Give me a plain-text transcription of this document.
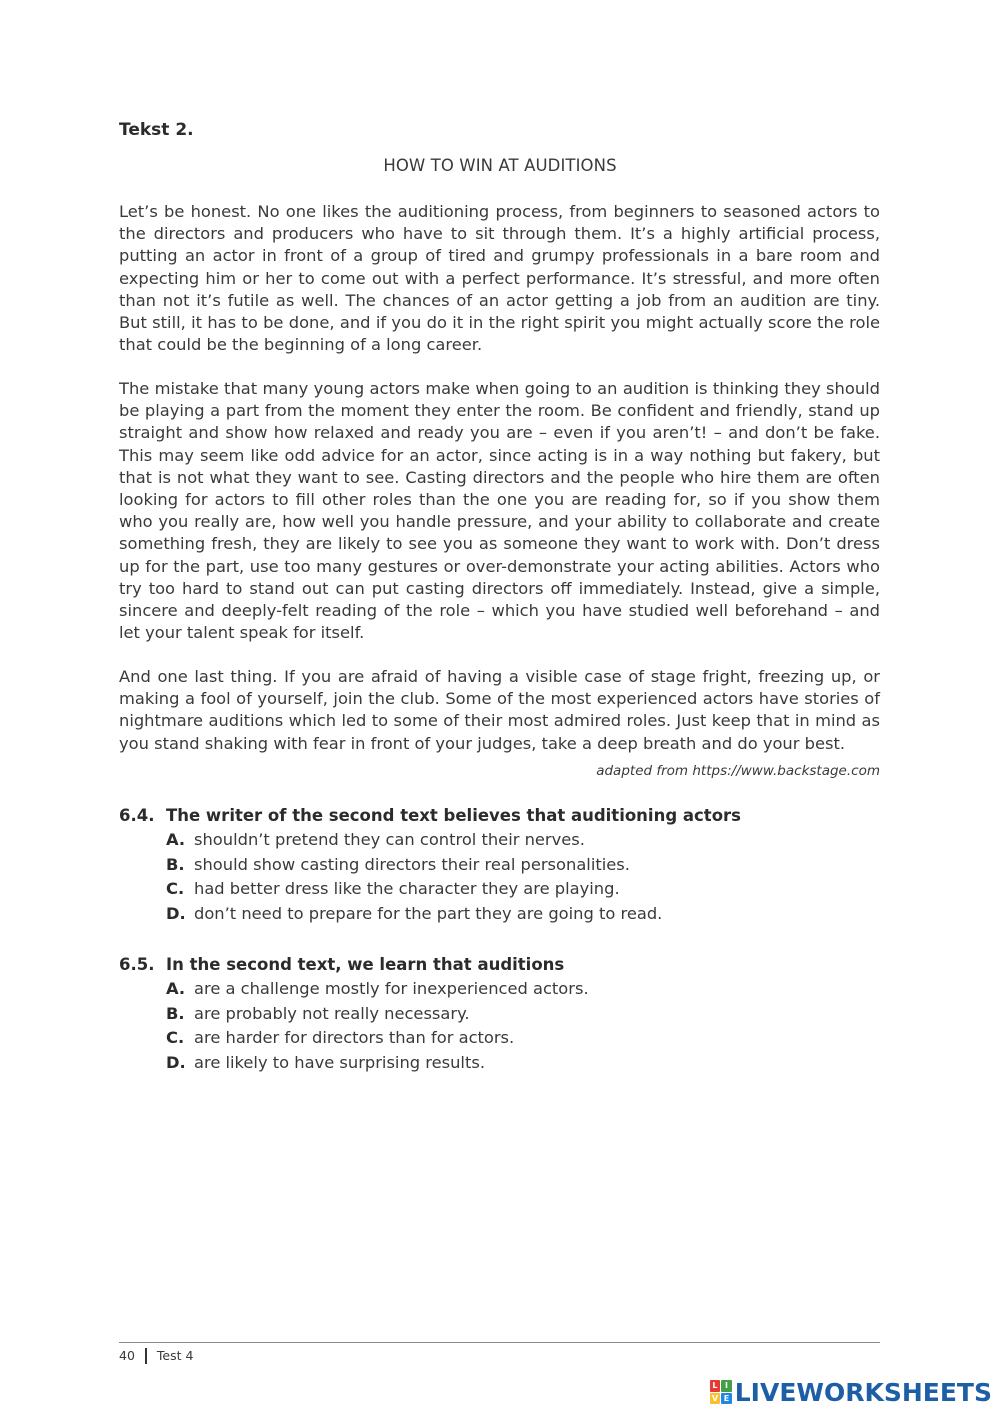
Tekst 2.

HOW TO WIN AT AUDITIONS

Let’s be honest. No one likes the auditioning process, from beginners to seasoned actors to the directors and producers who have to sit through them. It’s a highly artificial process, putting an actor in front of a group of tired and grumpy professionals in a bare room and expecting him or her to come out with a perfect performance. It’s stressful, and more often than not it’s futile as well. The chances of an actor getting a job from an audition are tiny. But still, it has to be done, and if you do it in the right spirit you might actually score the role that could be the beginning of a long career.

The mistake that many young actors make when going to an audition is thinking they should be playing a part from the moment they enter the room. Be confident and friendly, stand up straight and show how relaxed and ready you are – even if you aren’t! – and don’t be fake. This may seem like odd advice for an actor, since acting is in a way nothing but fakery, but that is not what they want to see. Casting directors and the people who hire them are often looking for actors to fill other roles than the one you are reading for, so if you show them who you really are, how well you handle pressure, and your ability to collaborate and create something fresh, they are likely to see you as someone they want to work with. Don’t dress up for the part, use too many gestures or over-demonstrate your acting abilities. Actors who try too hard to stand out can put casting directors off immediately. Instead, give a simple, sincere and deeply-felt reading of the role – which you have studied well beforehand – and let your talent speak for itself.

And one last thing. If you are afraid of having a visible case of stage fright, freezing up, or making a fool of yourself, join the club. Some of the most experienced actors have stories of nightmare auditions which led to some of their most admired roles. Just keep that in mind as you stand shaking with fear in front of your judges, take a deep breath and do your best.

adapted from https://www.backstage.com

6.4. The writer of the second text believes that auditioning actors
A. shouldn’t pretend they can control their nerves.
B. should show casting directors their real personalities.
C. had better dress like the character they are playing.
D. don’t need to prepare for the part they are going to read.
6.5. In the second text, we learn that auditions
A. are a challenge mostly for inexperienced actors.
B. are probably not really necessary.
C. are harder for directors than for actors.
D. are likely to have surprising results.
40 Test 4
L I
V E LIVEWORKSHEETS
